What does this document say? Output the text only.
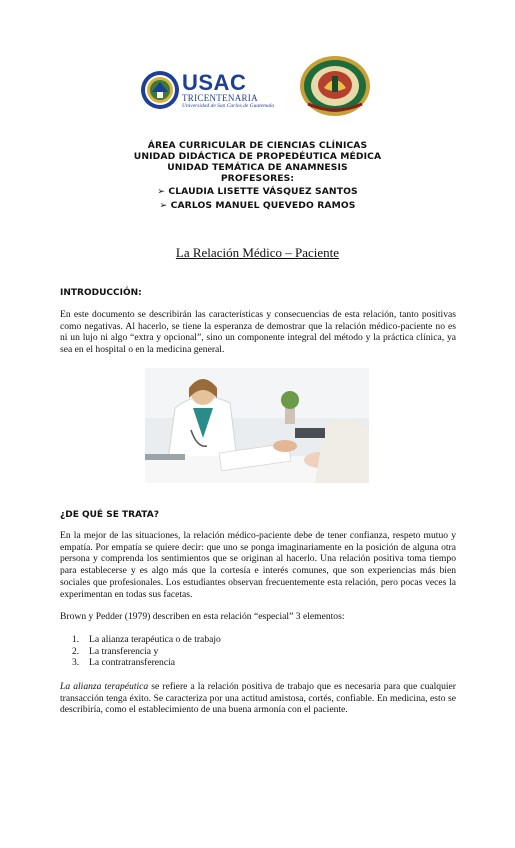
USAC
TRICENTENARIA
Universidad de San Carlos de Guatemala
ÁREA CURRICULAR DE CIENCIAS CLÍNICAS
UNIDAD DIDÁCTICA DE PROPEDÉUTICA MÉDICA
UNIDAD TEMÁTICA DE ANAMNESIS
PROFESORES:
➢ CLAUDIA LISETTE VÁSQUEZ SANTOS
➢ CARLOS MANUEL QUEVEDO RAMOS
La Relación Médico – Paciente
INTRODUCCIÓN:
En este documento se describirán las características y consecuencias de esta relación, tanto positivas como negativas. Al hacerlo, se tiene la esperanza de demostrar que la relación médico-paciente no es ni un lujo ni algo “extra y opcional”, sino un componente integral del método y la práctica clínica, ya sea en el hospital o en la medicina general.
¿DE QUÉ SE TRATA?
En la mejor de las situaciones, la relación médico-paciente debe de tener confianza, respeto mutuo y empatía. Por empatía se quiere decir: que uno se ponga imaginariamente en la posición de alguna otra persona y comprenda los sentimientos que se originan al hacerlo. Una relación positiva toma tiempo para establecerse y es algo más que la cortesía e interés comunes, que son experiencias más bien sociales que profesionales. Los estudiantes observan frecuentemente esta relación, pero pocas veces la experimentan en todas sus facetas.
Brown y Pedder (1979) describen en esta relación “especial” 3 elementos:
1. La alianza terapéutica o de trabajo
2. La transferencia y
3. La contratransferencia
La alianza terapéutica se refiere a la relación positiva de trabajo que es necesaria para que cualquier transacción tenga éxito. Se caracteriza por una actitud amistosa, cortés, confiable. En medicina, esto se describiría, como el establecimiento de una buena armonía con el paciente.
